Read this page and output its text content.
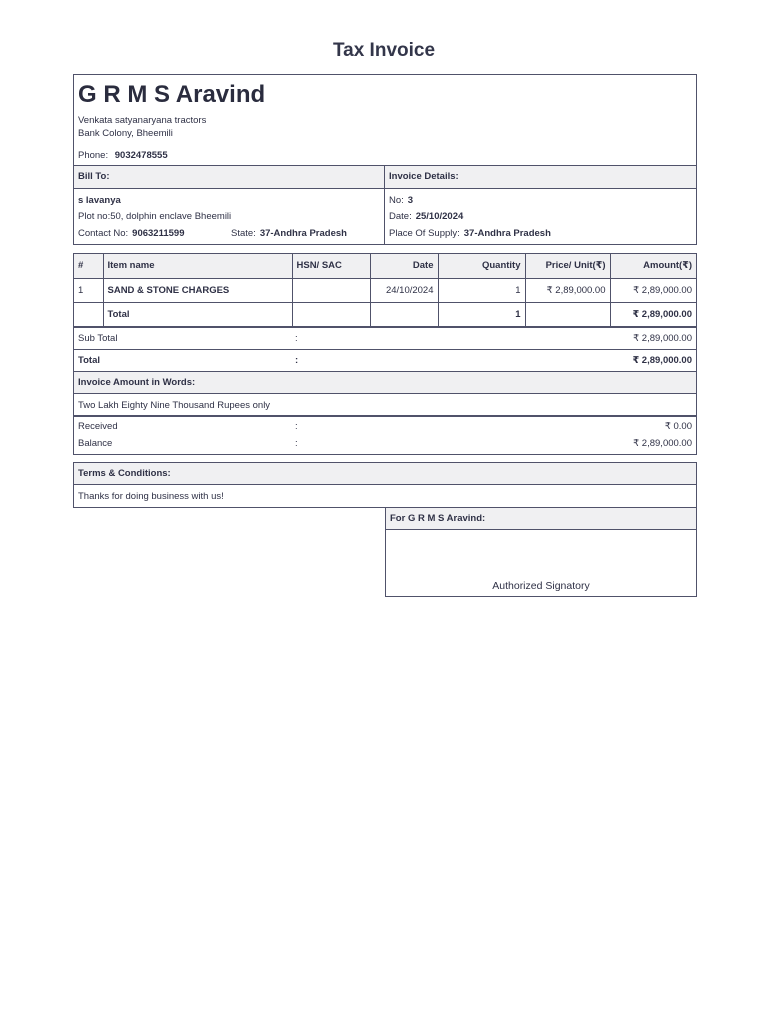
Tax Invoice
G R M S Aravind
Venkata satyanaryana tractors
Bank Colony, Bheemili
Phone: 9032478555
Bill To:
s lavanya
Plot no:50, dolphin enclave Bheemili
Contact No: 9063211599	State: 37-Andhra Pradesh
Invoice Details:
No: 3
Date: 25/10/2024
Place Of Supply: 37-Andhra Pradesh
#	Item name	HSN/ SAC	Date	Quantity	Price/ Unit(₹)	Amount(₹)
1	SAND & STONE CHARGES		24/10/2024	1	₹ 2,89,000.00	₹ 2,89,000.00
	Total			1		₹ 2,89,000.00
Sub Total	:	₹ 2,89,000.00
Total	:	₹ 2,89,000.00
Invoice Amount in Words:
Two Lakh Eighty Nine Thousand Rupees only
Received	:	₹ 0.00
Balance	:	₹ 2,89,000.00
Terms & Conditions:
Thanks for doing business with us!
For G R M S Aravind:
Authorized Signatory
